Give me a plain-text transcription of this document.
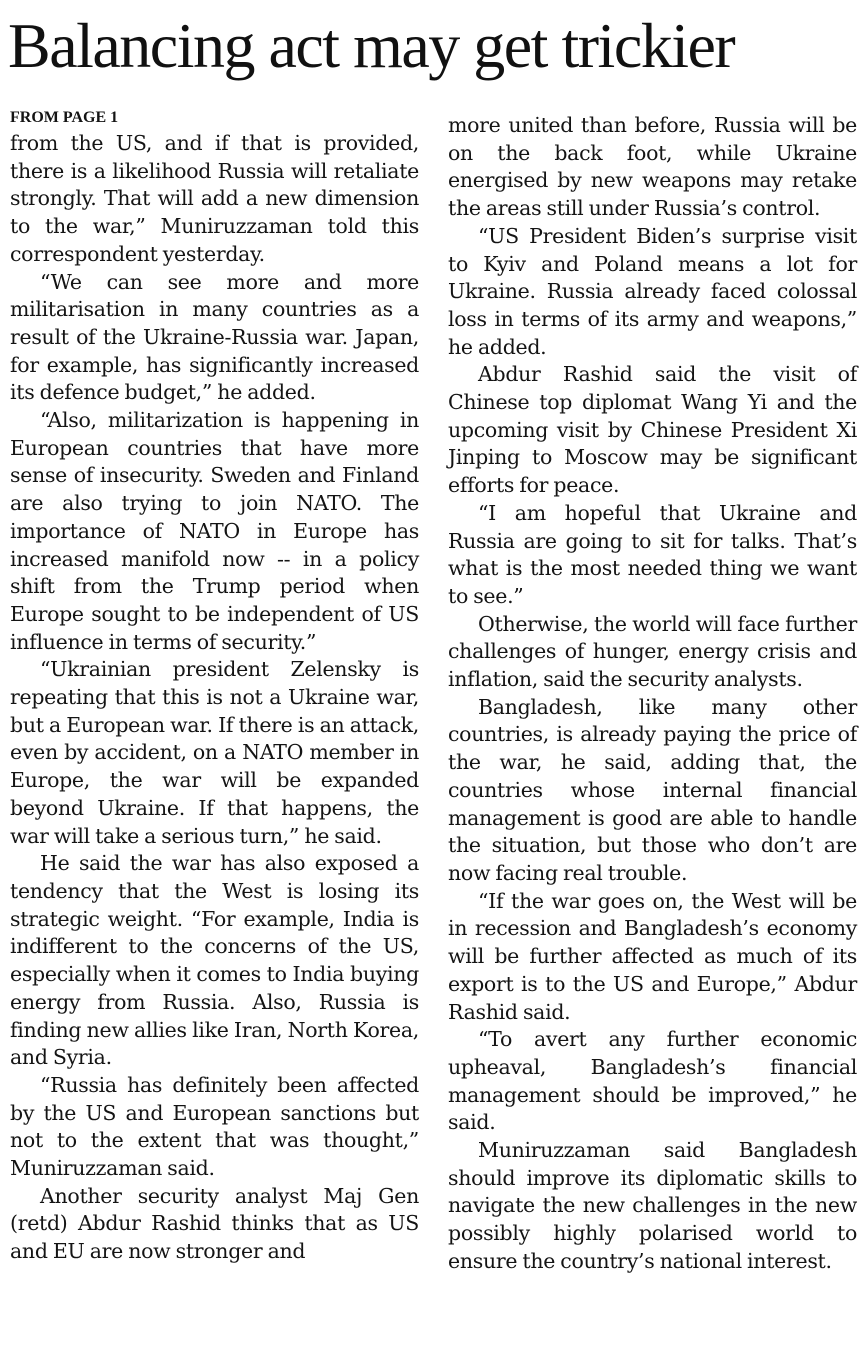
Balancing act may get trickier
FROM PAGE 1

from the US, and if that is provided, there is a likelihood Russia will retaliate strongly. That will add a new dimension to the war,” Muniruzzaman told this correspondent yesterday.

“We can see more and more militarisation in many countries as a result of the Ukraine-Russia war. Japan, for example, has significantly increased its defence budget,” he added.

“Also, militarization is happening in European countries that have more sense of insecurity. Sweden and Finland are also trying to join NATO. The importance of NATO in Europe has increased manifold now -- in a policy shift from the Trump period when Europe sought to be independent of US influence in terms of security.”

“Ukrainian president Zelensky is repeating that this is not a Ukraine war, but a European war. If there is an attack, even by accident, on a NATO member in Europe, the war will be expanded beyond Ukraine. If that happens, the war will take a serious turn,” he said.

He said the war has also exposed a tendency that the West is losing its strategic weight. “For example, India is indifferent to the concerns of the US, especially when it comes to India buying energy from Russia. Also, Russia is finding new allies like Iran, North Korea, and Syria.

“Russia has definitely been affected by the US and European sanctions but not to the extent that was thought,” Muniruzzaman said.

Another security analyst Maj Gen (retd) Abdur Rashid thinks that as US and EU are now stronger and

more united than before, Russia will be on the back foot, while Ukraine energised by new weapons may retake the areas still under Russia’s control.

“US President Biden’s surprise visit to Kyiv and Poland means a lot for Ukraine. Russia already faced colossal loss in terms of its army and weapons,” he added.

Abdur Rashid said the visit of Chinese top diplomat Wang Yi and the upcoming visit by Chinese President Xi Jinping to Moscow may be significant efforts for peace.

“I am hopeful that Ukraine and Russia are going to sit for talks. That’s what is the most needed thing we want to see.”

Otherwise, the world will face further challenges of hunger, energy crisis and inflation, said the security analysts.

Bangladesh, like many other countries, is already paying the price of the war, he said, adding that, the countries whose internal financial management is good are able to handle the situation, but those who don’t are now facing real trouble.

“If the war goes on, the West will be in recession and Bangladesh’s economy will be further affected as much of its export is to the US and Europe,” Abdur Rashid said.

“To avert any further economic upheaval, Bangladesh’s financial management should be improved,” he said.

Muniruzzaman said Bangladesh should improve its diplomatic skills to navigate the new challenges in the new possibly highly polarised world to ensure the country’s national interest.
